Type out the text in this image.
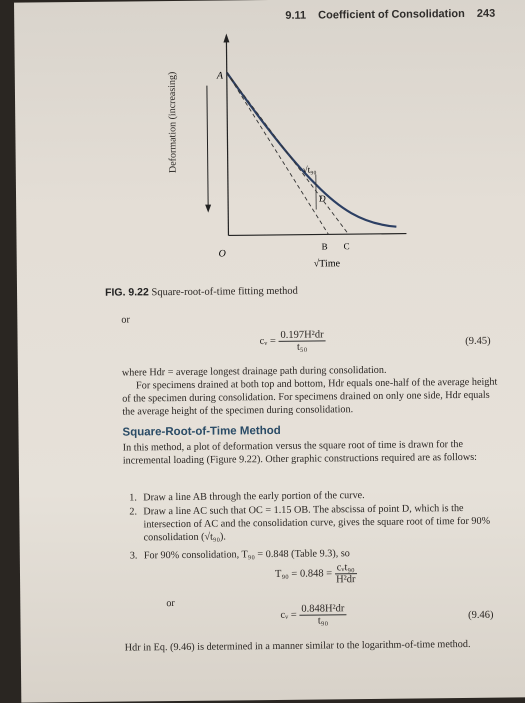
9.11 Coefficient of Consolidation 243
A
O
B C
D
√t₉₀
√Time
Deformation (increasing)
FIG. 9.22 Square-root-of-time fitting method
or
cᵥ = $\frac{\text{0.197H²dr}}{\text{t₅₀}}$	(9.45)
where Hdr = average longest drainage path during consolidation.
For specimens drained at both top and bottom, Hdr equals one-half of the average height of the specimen during consolidation. For specimens drained on only one side, Hdr equals the average height of the specimen during consolidation.
Square-Root-of-Time Method
In this method, a plot of deformation versus the square root of time is drawn for the incremental loading (Figure 9.22). Other graphic constructions required are as follows:
1. Draw a line AB through the early portion of the curve.
2. Draw a line AC such that OC = 1.15 OB. The abscissa of point D, which is the intersection of AC and the consolidation curve, gives the square root of time for 90% consolidation (√t₉₀).
3. For 90% consolidation, T₉₀ = 0.848 (Table 9.3), so
$T_{90} = 0.848 = \frac{\text{cᵥt₉₀}}{\text{H²dr}}$
or
cᵥ = $\frac{\text{0.848H²dr}}{\text{t₉₀}}$	(9.46)
Hdr in Eq. (9.46) is determined in a manner similar to the logarithm-of-time method.
